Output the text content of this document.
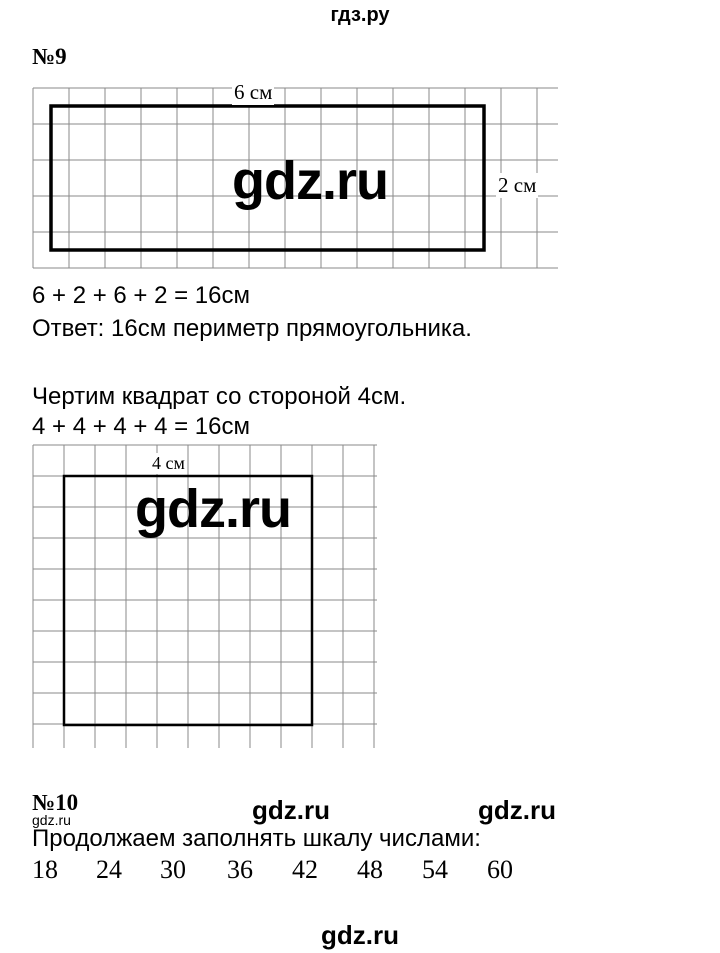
гдз.ру
№9
6 см
2 см
gdz.ru
6 + 2 + 6 + 2 = 16см
Ответ: 16см периметр прямоугольника.
Чертим квадрат со стороной 4см.
4 + 4 + 4 + 4 = 16см
4 см
gdz.ru
№10	gdz.ru	gdz.ru
gdz.ru
Продолжаем заполнять шкалу числами:
18 24 30 36 42 48 54 60
gdz.ru
